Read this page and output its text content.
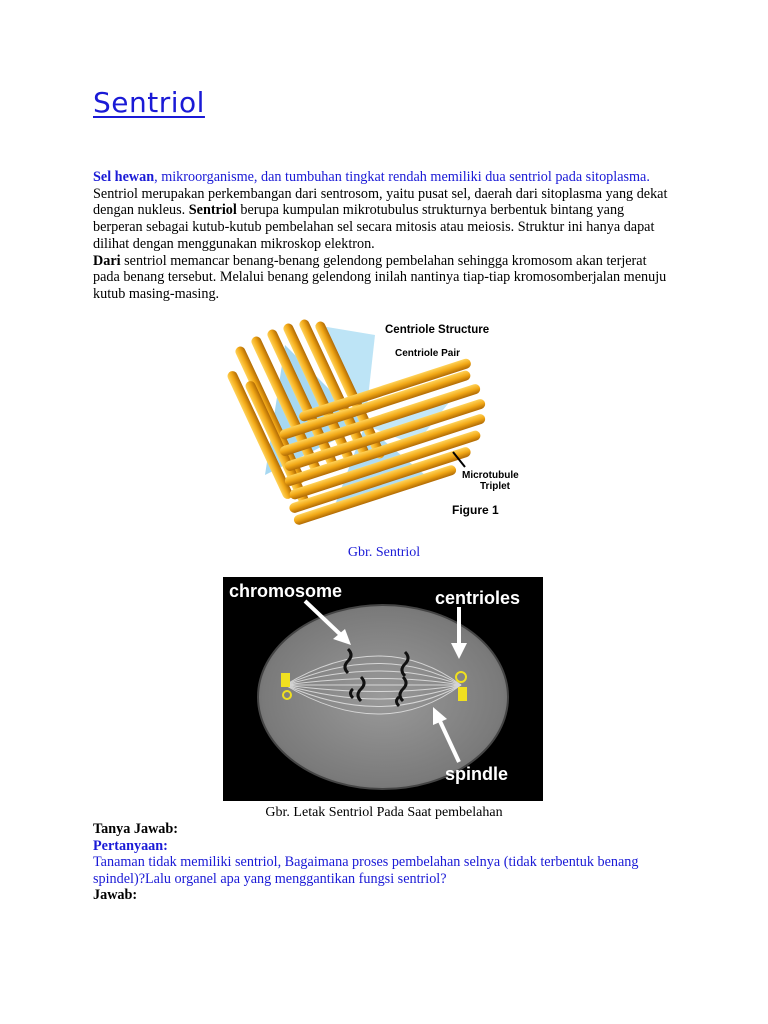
Sentriol
Sel hewan, mikroorganisme, dan tumbuhan tingkat rendah memiliki dua sentriol pada sitoplasma. Sentriol merupakan perkembangan dari sentrosom, yaitu pusat sel, daerah dari sitoplasma yang dekat dengan nukleus. Sentriol berupa kumpulan mikrotubulus strukturnya berbentuk bintang yang berperan sebagai kutub-kutub pembelahan sel secara mitosis atau meiosis. Struktur ini hanya dapat dilihat dengan menggunakan mikroskop elektron.
Dari sentriol memancar benang-benang gelendong pembelahan sehingga kromosom akan terjerat pada benang tersebut. Melalui benang gelendong inilah nantinya tiap-tiap kromosomberjalan menuju kutub masing-masing.
Centriole Structure
Centriole Pair
Microtubule
Triplet
Figure 1
Gbr. Sentriol
chromosome	centrioles
spindle
Gbr. Letak Sentriol Pada Saat pembelahan
Tanya Jawab:
Pertanyaan:
Tanaman tidak memiliki sentriol, Bagaimana proses pembelahan selnya (tidak terbentuk benang spindel)?Lalu organel apa yang menggantikan fungsi sentriol?
Jawab:
